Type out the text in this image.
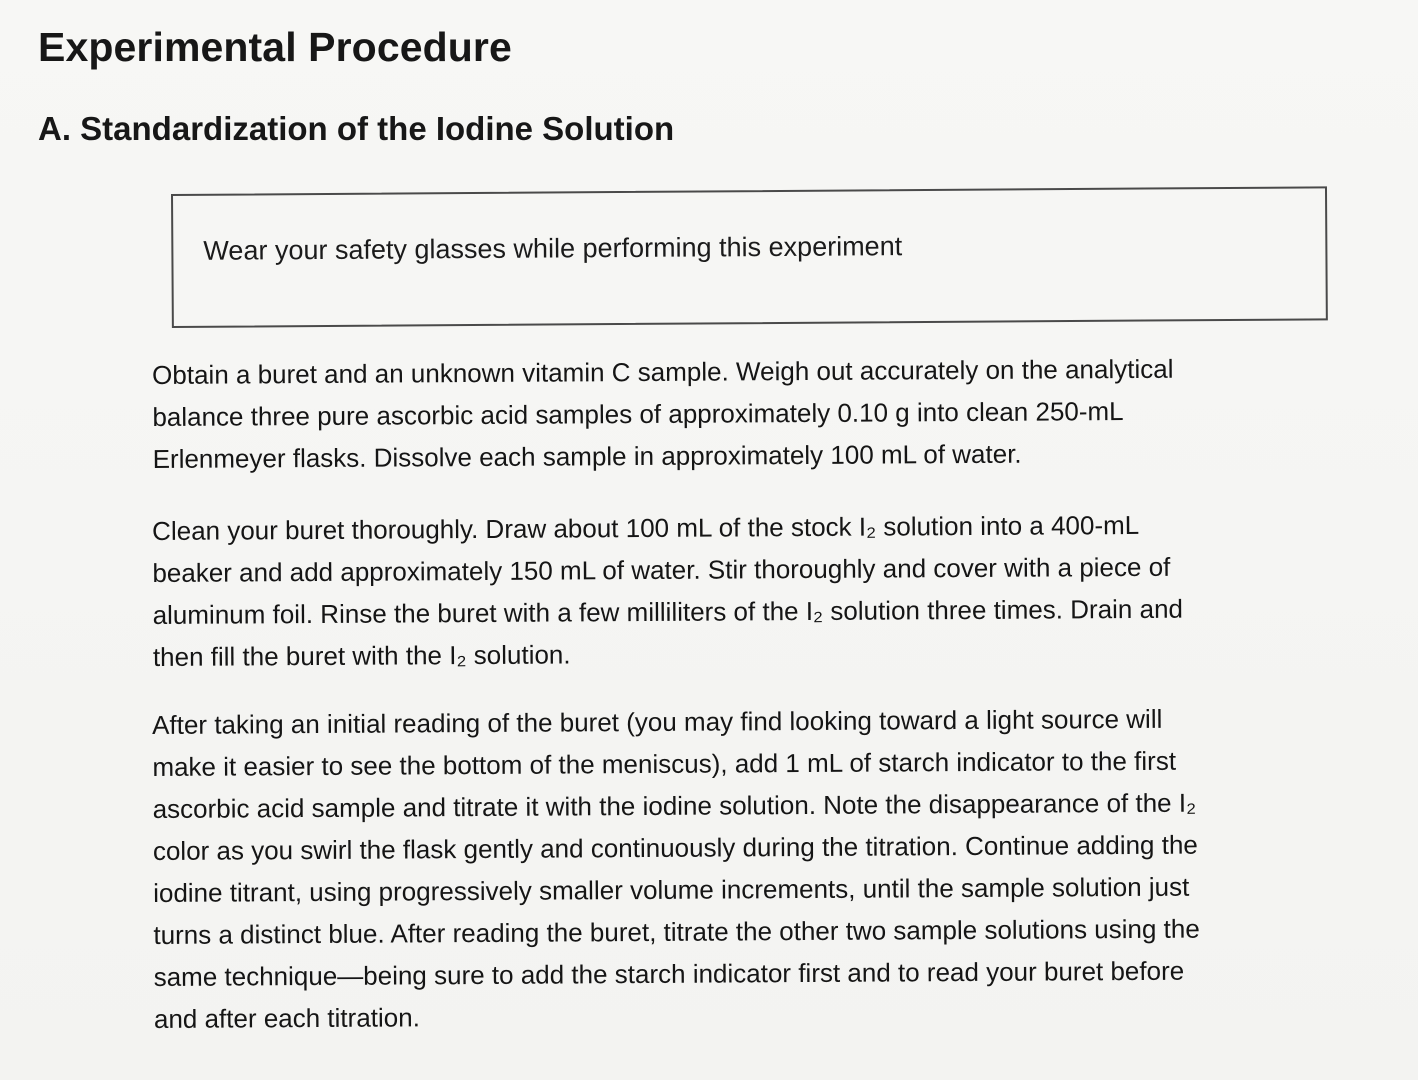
Experimental Procedure
A. Standardization of the Iodine Solution

Wear your safety glasses while performing this experiment

Obtain a buret and an unknown vitamin C sample. Weigh out accurately on the analytical
balance three pure ascorbic acid samples of approximately 0.10 g into clean 250-mL
Erlenmeyer flasks. Dissolve each sample in approximately 100 mL of water.

Clean your buret thoroughly. Draw about 100 mL of the stock I₂ solution into a 400-mL
beaker and add approximately 150 mL of water. Stir thoroughly and cover with a piece of
aluminum foil. Rinse the buret with a few milliliters of the I₂ solution three times. Drain and
then fill the buret with the I₂ solution.

After taking an initial reading of the buret (you may find looking toward a light source will
make it easier to see the bottom of the meniscus), add 1 mL of starch indicator to the first
ascorbic acid sample and titrate it with the iodine solution. Note the disappearance of the I₂
color as you swirl the flask gently and continuously during the titration. Continue adding the
iodine titrant, using progressively smaller volume increments, until the sample solution just
turns a distinct blue. After reading the buret, titrate the other two sample solutions using the
same technique—being sure to add the starch indicator first and to read your buret before
and after each titration.
